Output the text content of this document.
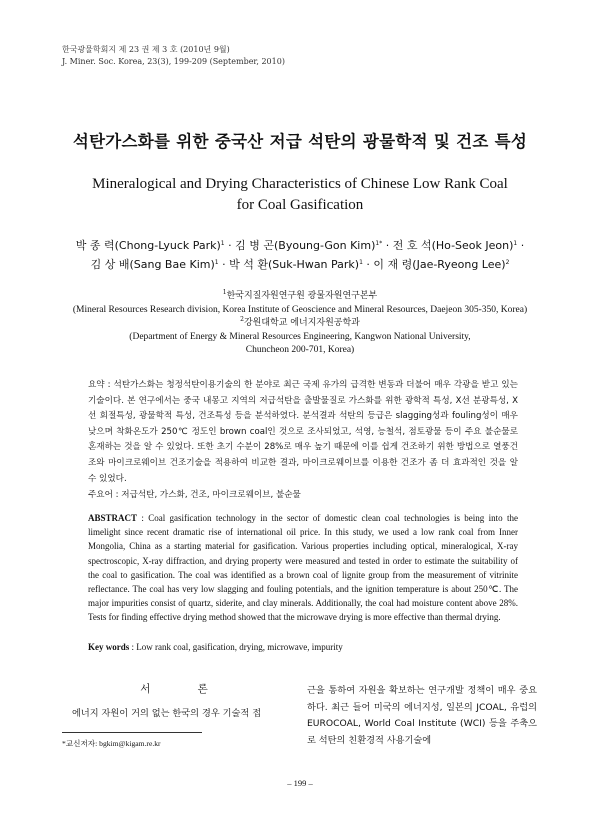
한국광물학회지 제 23 권 제 3 호 (2010년 9월)
J. Miner. Soc. Korea, 23(3), 199-209 (September, 2010)
석탄가스화를 위한 중국산 저급 석탄의 광물학적 및 건조 특성
Mineralogical and Drying Characteristics of Chinese Low Rank Coal for Coal Gasification
박 종 력(Chong-Lyuck Park)$^1$ · 김 병 곤(Byoung-Gon Kim)$^{1*}$ · 전 호 석(Ho-Seok Jeon)$^1$ ·
김 상 배(Sang Bae Kim)$^1$ · 박 석 환(Suk-Hwan Park)$^1$ · 이 재 령(Jae-Ryeong Lee)$^2$
$^1$한국지질자원연구원 광물자원연구본부
(Mineral Resources Research division, Korea Institute of Geoscience and Mineral Resources, Daejeon 305-350, Korea)
$^2$강원대학교 에너지자원공학과
(Department of Energy & Mineral Resources Engineering, Kangwon National University,
Chuncheon 200-701, Korea)
요약 : 석탄가스화는 청정석탄이용기술의 한 분야로 최근 국제 유가의 급격한 변동과 더불어 매우 각광을 받고 있는 기술이다. 본 연구에서는 중국 내몽고 지역의 저급석탄을 출발물질로 가스화를 위한 광학적 특성, X선 분광특성, X선 회절특성, 광물학적 특성, 건조특성 등을 분석하였다. 분석결과 석탄의 등급은 slagging성과 fouling성이 매우 낮으며 착화온도가 250℃ 정도인 brown coal인 것으로 조사되었고, 석영, 능철석, 점토광물 등이 주요 불순물로 혼재하는 것을 알 수 있었다. 또한 초기 수분이 28%로 매우 높기 때문에 이를 쉽게 건조하기 위한 방법으로 열풍건조와 마이크로웨이브 건조기술을 적용하여 비교한 결과, 마이크로웨이브를 이용한 건조가 좀 더 효과적인 것을 알 수 있었다.
주요어 : 저급석탄, 가스화, 건조, 마이크로웨이브, 불순물
ABSTRACT : Coal gasification technology in the sector of domestic clean coal technologies is being into the limelight since recent dramatic rise of international oil price. In this study, we used a low rank coal from Inner Mongolia, China as a starting material for gasification. Various properties including optical, mineralogical, X-ray spectroscopic, X-ray diffraction, and drying property were measured and tested in order to estimate the suitability of the coal to gasification. The coal was identified as a brown coal of lignite group from the measurement of vitrinite reflectance. The coal has very low slagging and fouling potentials, and the ignition temperature is about 250℃. The major impurities consist of quartz, siderite, and clay minerals. Additionally, the coal had moisture content above 28%. Tests for finding effective drying method showed that the microwave drying is more effective than thermal drying.
Key words : Low rank coal, gasification, drying, microwave, impurity
서 론

에너지 자원이 거의 없는 한국의 경우 기술적 접

*교신저자: bgkim@kigam.re.kr
근을 통하여 자원을 확보하는 연구개발 정책이 매우 중요하다. 최근 들어 미국의 에너지성, 일본의 JCOAL, 유럽의 EUROCOAL, World Coal Institute (WCI) 등을 주축으로 석탄의 친환경적 사용기술에
– 199 –
